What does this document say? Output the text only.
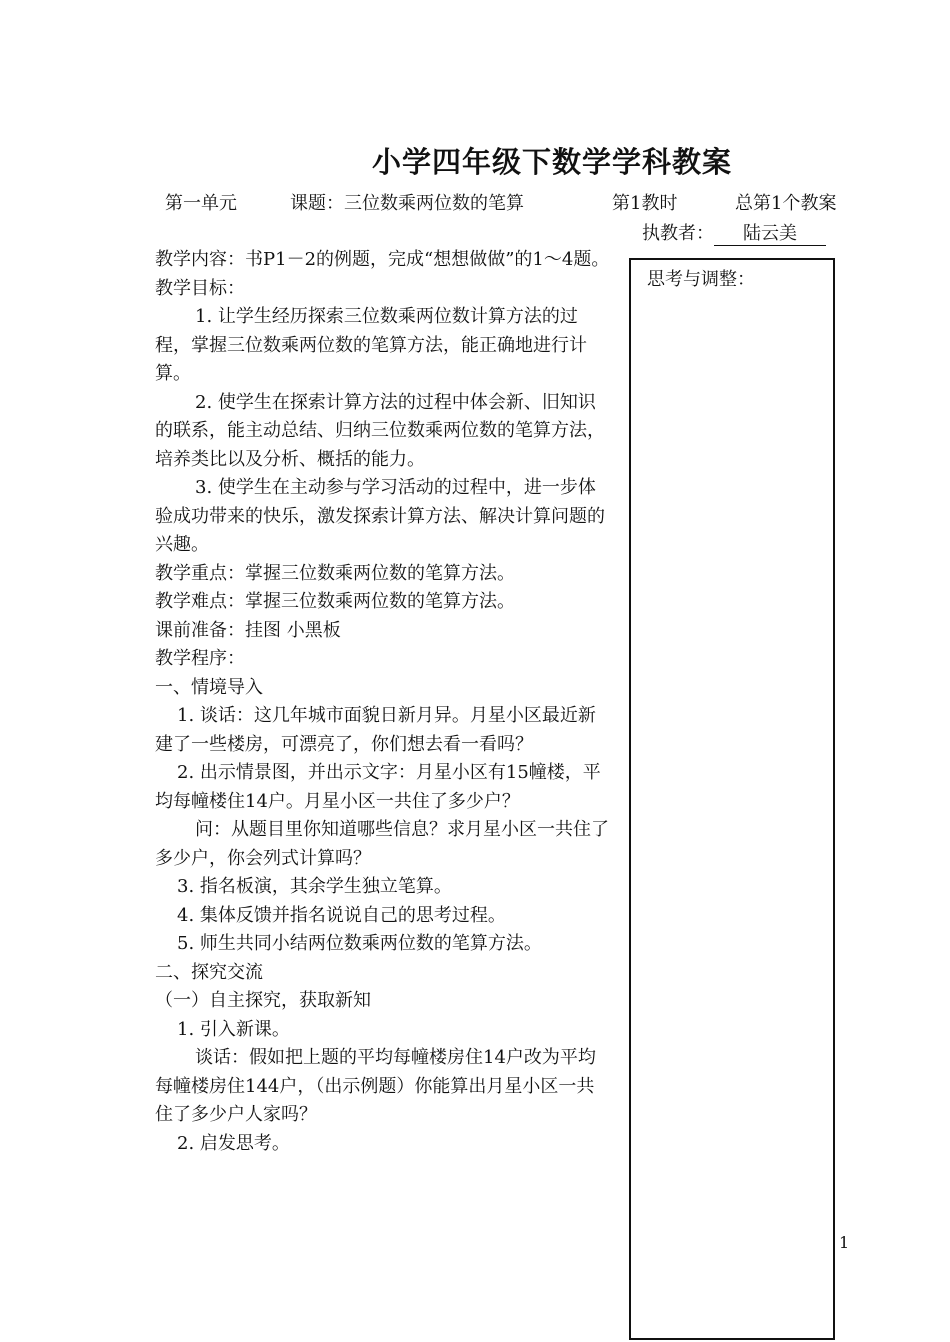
小学四年级下数学学科教案
第一单元	课题：三位数乘两位数的笔算	第1教时	总第1个教案
执教者： 陆云美
思考与调整：

教学内容：书P1－2的例题，完成“想想做做”的1～4题。

教学目标：

1. 让学生经历探索三位数乘两位数计算方法的过程，掌握三位数乘两位数的笔算方法，能正确地进行计算。

2. 使学生在探索计算方法的过程中体会新、旧知识的联系，能主动总结、归纳三位数乘两位数的笔算方法，培养类比以及分析、概括的能力。

3. 使学生在主动参与学习活动的过程中，进一步体验成功带来的快乐，激发探索计算方法、解决计算问题的兴趣。

教学重点：掌握三位数乘两位数的笔算方法。

教学难点：掌握三位数乘两位数的笔算方法。

课前准备：挂图 小黑板

教学程序：

一、情境导入

1. 谈话：这几年城市面貌日新月异。月星小区最近新建了一些楼房，可漂亮了，你们想去看一看吗？

2. 出示情景图，并出示文字：月星小区有15幢楼，平均每幢楼住14户。月星小区一共住了多少户？

问：从题目里你知道哪些信息？求月星小区一共住了多少户，你会列式计算吗？

3. 指名板演，其余学生独立笔算。

4. 集体反馈并指名说说自己的思考过程。

5. 师生共同小结两位数乘两位数的笔算方法。

二、探究交流

（一）自主探究，获取新知

1. 引入新课。

谈话：假如把上题的平均每幢楼房住14户改为平均每幢楼房住144户，（出示例题）你能算出月星小区一共住了多少户人家吗？

2. 启发思考。

1
